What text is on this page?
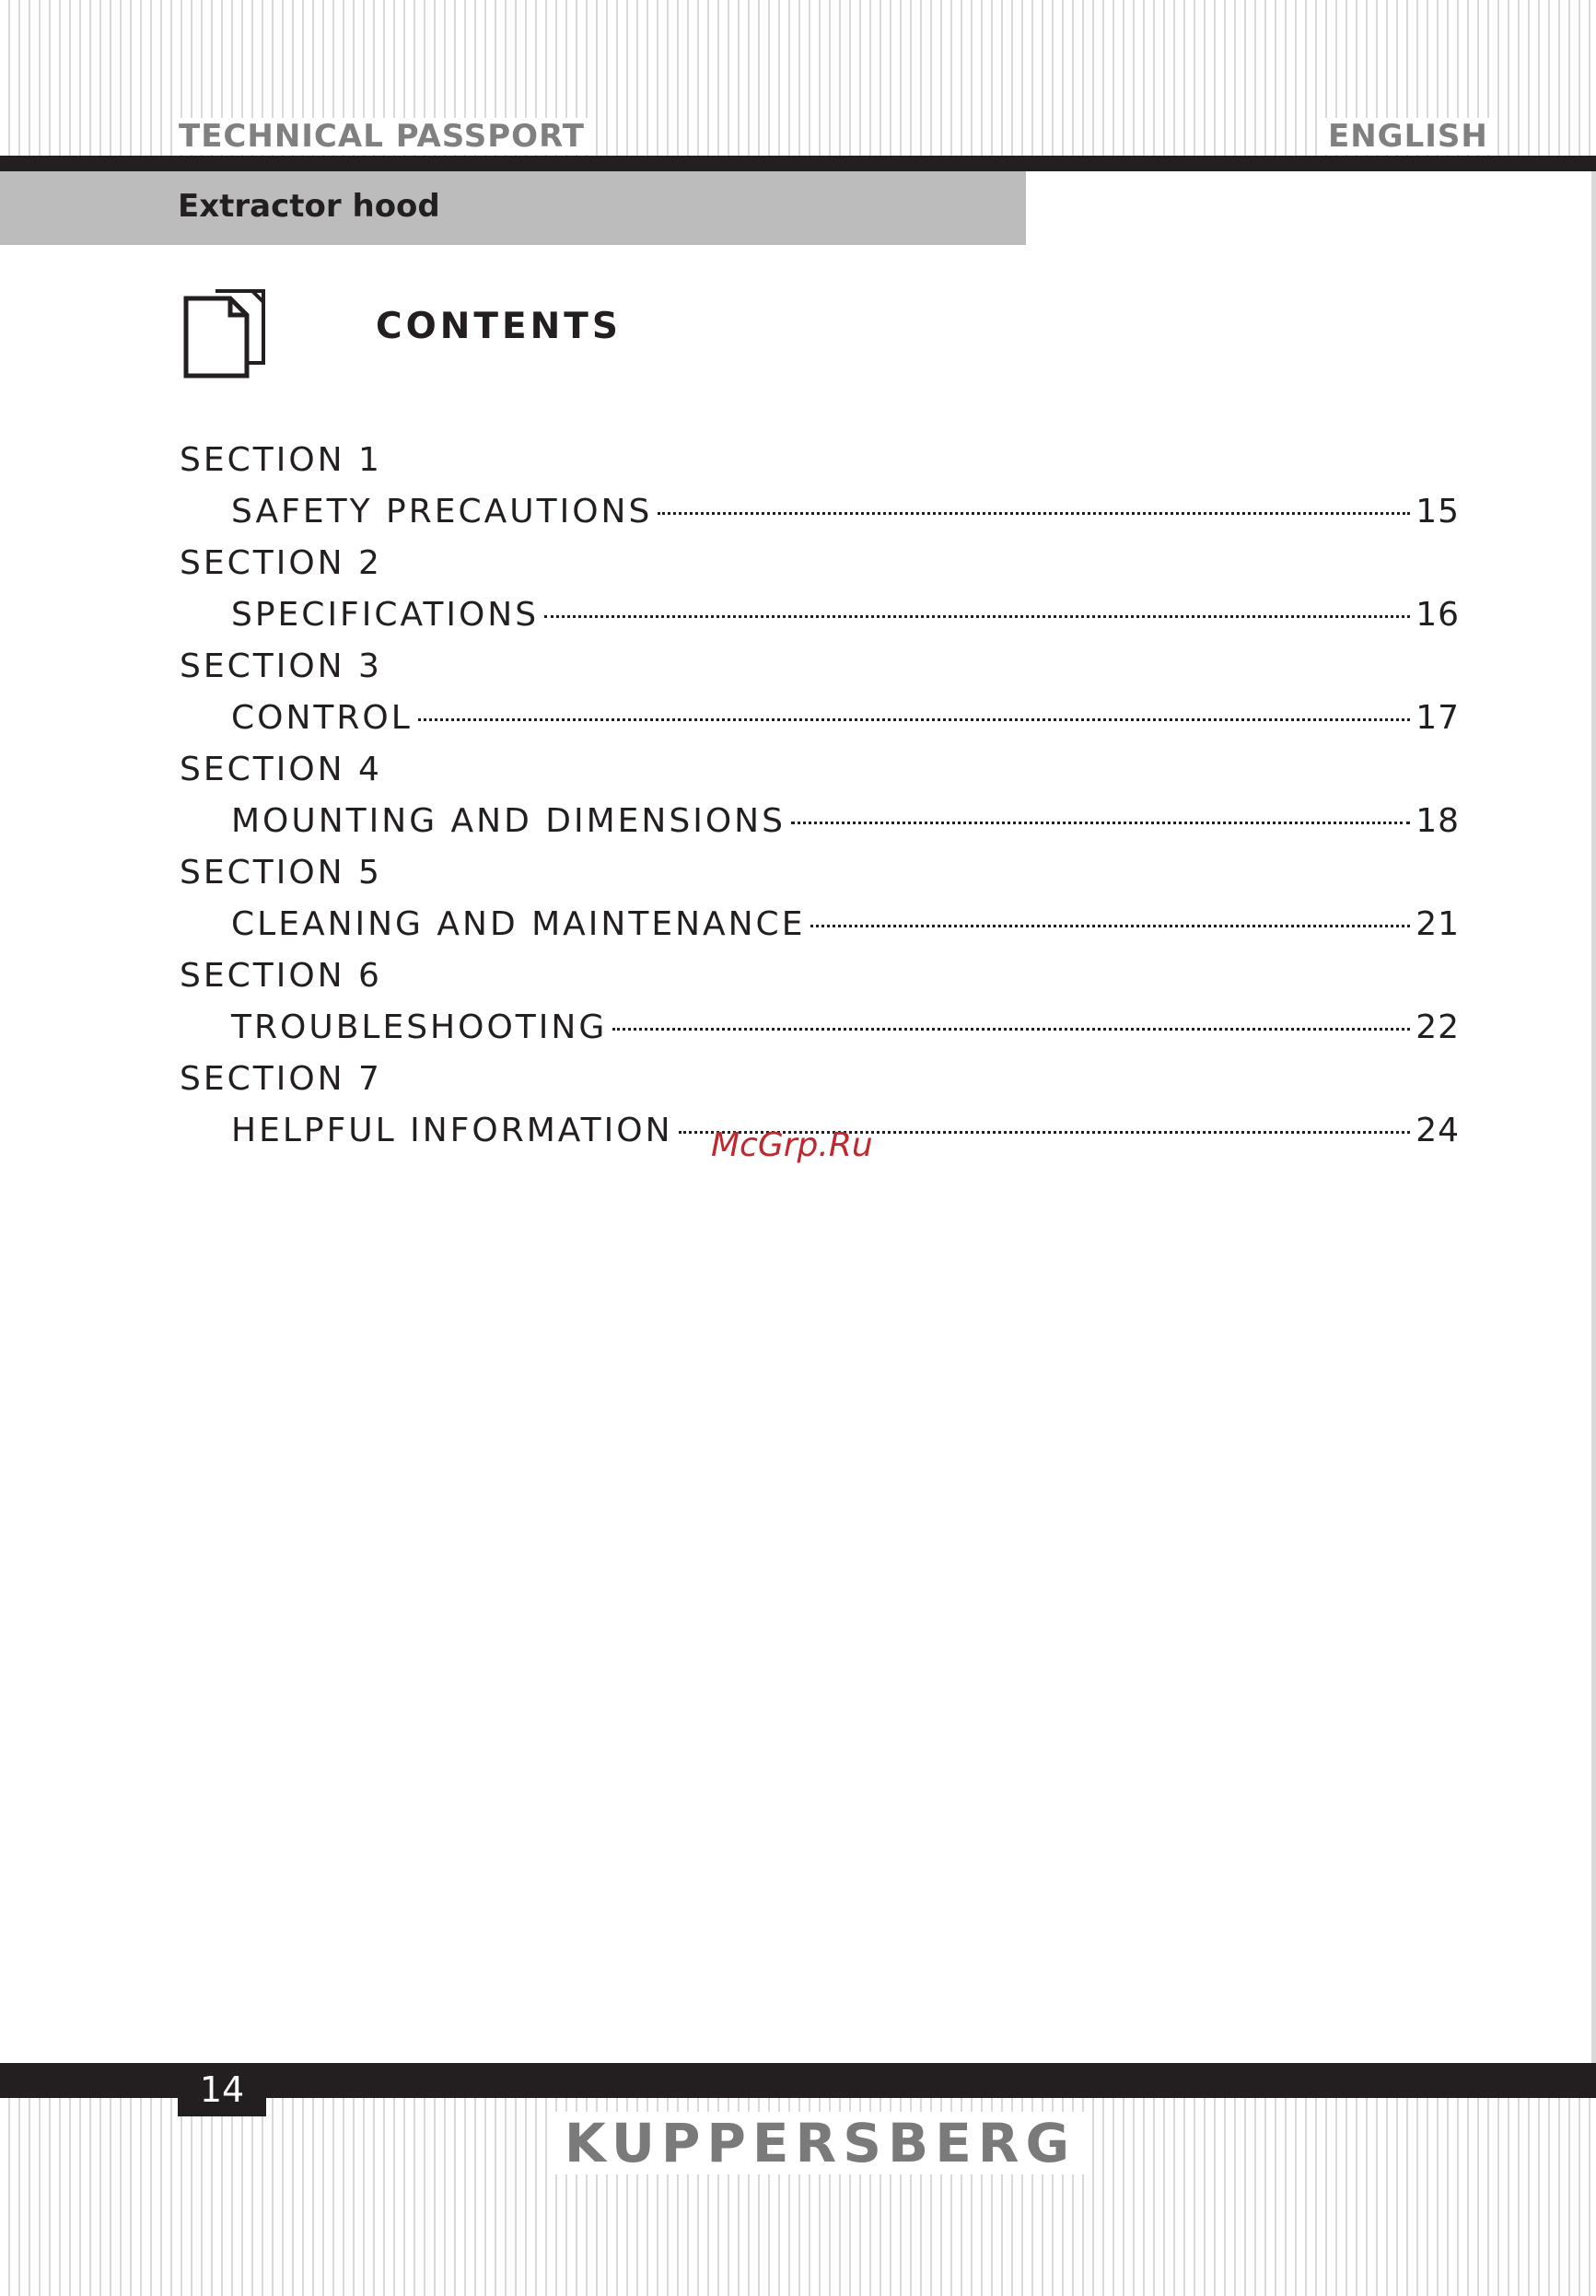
TECHNICAL PASSPORT	ENGLISH
Extractor hood
CONTENTS
SECTION 1
SAFETY PRECAUTIONS	15
SECTION 2
SPECIFICATIONS	16
SECTION 3
CONTROL	17
SECTION 4
MOUNTING AND DIMENSIONS	18
SECTION 5
CLEANING AND MAINTENANCE	21
SECTION 6
TROUBLESHOOTING	22
SECTION 7
HELPFUL INFORMATION	24
McGrp.Ru
14
KUPPERSBERG
